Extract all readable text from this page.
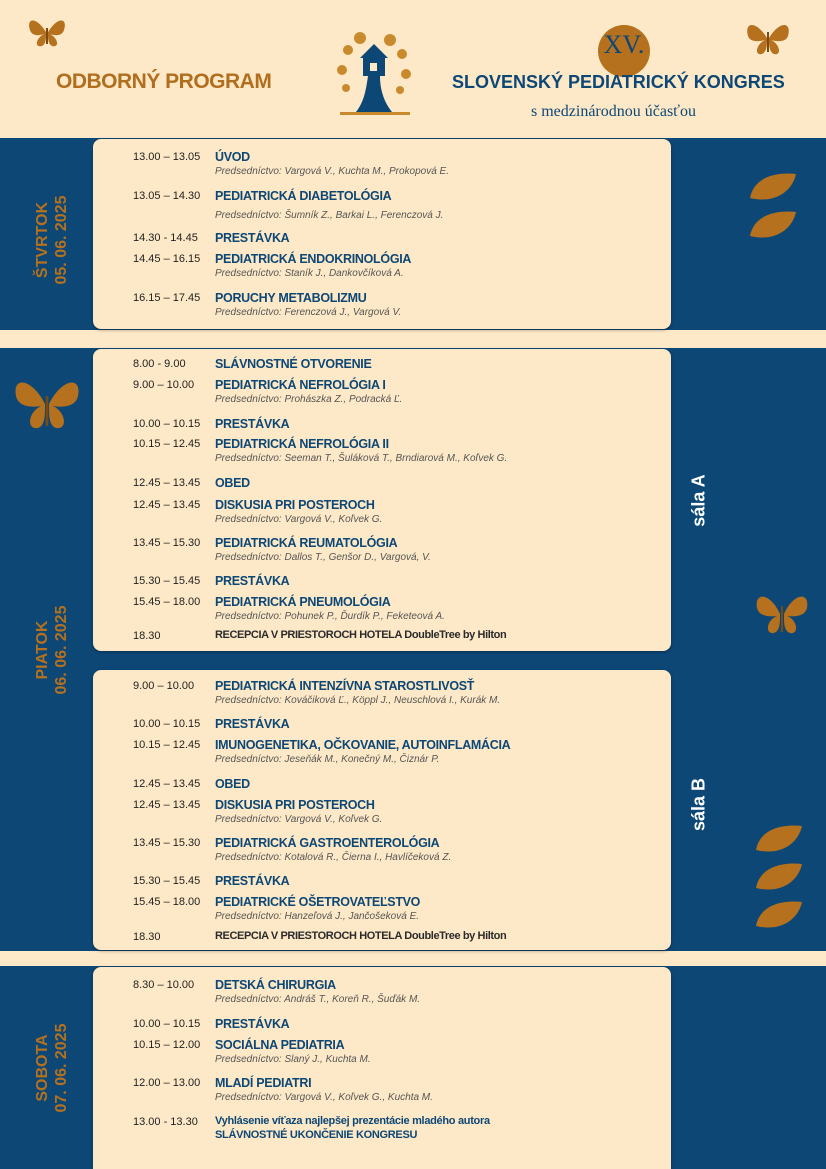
ODBORNÝ PROGRAM
XV.
SLOVENSKÝ PEDIATRICKÝ KONGRES
s medzinárodnou účasťou
ŠTVRTOK 05. 06. 2025
13.00 – 13.05 ÚVOD
Predsedníctvo: Vargová V., Kuchta M., Prokopová E.
13.05 – 14.30 PEDIATRICKÁ DIABETOLÓGIA
Predsedníctvo: Šumník Z., Barkai L., Ferenczová J.
14.30 - 14.45 PRESTÁVKA
14.45 – 16.15 PEDIATRICKÁ ENDOKRINOLÓGIA
Predsedníctvo: Staník J., Dankovčíková A.
16.15 – 17.45 PORUCHY METABOLIZMU
Predsedníctvo: Ferenczová J., Vargová V.
PIATOK 06. 06. 2025
sála A
8.00 - 9.00 SLÁVNOSTNÉ OTVORENIE
9.00 – 10.00 PEDIATRICKÁ NEFROLÓGIA I
Predsedníctvo: Prohászka Z., Podracká Ľ.
10.00 – 10.15 PRESTÁVKA
10.15 – 12.45 PEDIATRICKÁ NEFROLÓGIA II
Predsedníctvo: Seeman T., Šuláková T., Brndiarová M., Koľvek G.
12.45 – 13.45 OBED
12.45 – 13.45 DISKUSIA PRI POSTEROCH
Predsedníctvo: Vargová V., Koľvek G.
13.45 – 15.30 PEDIATRICKÁ REUMATOLÓGIA
Predsedníctvo: Dallos T., Genšor D., Vargová, V.
15.30 – 15.45 PRESTÁVKA
15.45 – 18.00 PEDIATRICKÁ PNEUMOLÓGIA
Predsedníctvo: Pohunek P., Ďurdík P., Feketeová A.
18.30	RECEPCIA V PRIESTOROCH HOTELA DoubleTree by Hilton
sála B
9.00 – 10.00 PEDIATRICKÁ INTENZÍVNA STAROSTLIVOSŤ
Predsedníctvo: Kováčiková Ľ., Köppl J., Neuschlová I., Kurák M.
10.00 – 10.15 PRESTÁVKA
10.15 – 12.45 IMUNOGENETIKA, OČKOVANIE, AUTOINFLAMÁCIA
Predsedníctvo: Jeseňák M., Konečný M., Čiznár P.
12.45 – 13.45 OBED
12.45 – 13.45 DISKUSIA PRI POSTEROCH
Predsedníctvo: Vargová V., Koľvek G.
13.45 – 15.30 PEDIATRICKÁ GASTROENTEROLÓGIA
Predsedníctvo: Kotalová R., Čierna I., Havlíčeková Z.
15.30 – 15.45 PRESTÁVKA
15.45 – 18.00 PEDIATRICKÉ OŠETROVATEĽSTVO
Predsedníctvo: Hanzeľová J., Jančošeková E.
18.30	RECEPCIA V PRIESTOROCH HOTELA DoubleTree by Hilton
SOBOTA 07. 06. 2025
8.30 – 10.00 DETSKÁ CHIRURGIA
Predsedníctvo: Andráš T., Koreň R., Šuďák M.
10.00 – 10.15 PRESTÁVKA
10.15 – 12.00 SOCIÁLNA PEDIATRIA
Predsedníctvo: Slaný J., Kuchta M.
12.00 – 13.00 MLADÍ PEDIATRI
Predsedníctvo: Vargová V., Koľvek G., Kuchta M.
13.00 - 13.30 Vyhlásenie víťaza najlepšej prezentácie mladého autora
SLÁVNOSTNÉ UKONČENIE KONGRESU
